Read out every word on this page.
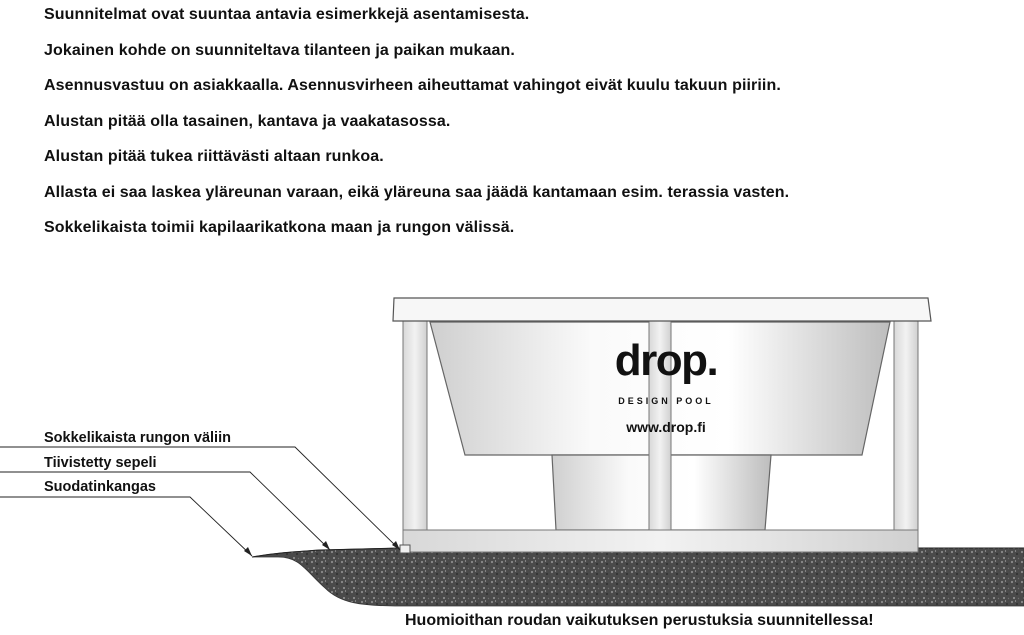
Suunnitelmat ovat suuntaa antavia esimerkkejä asentamisesta.
Jokainen kohde on suunniteltava tilanteen ja paikan mukaan.
Asennusvastuu on asiakkaalla. Asennusvirheen aiheuttamat vahingot eivät kuulu takuun piiriin.
Alustan pitää olla tasainen, kantava ja vaakatasossa.
Alustan pitää tukea riittävästi altaan runkoa.
Allasta ei saa laskea yläreunan varaan, eikä yläreuna saa jäädä kantamaan esim. terassia vasten.
Sokkelikaista toimii kapilaarikatkona maan ja rungon välissä.
drop.
DESIGN POOL
www.drop.fi
Sokkelikaista rungon väliin
Tiivistetty sepeli
Suodatinkangas
Huomioithan roudan vaikutuksen perustuksia suunnitellessa!
